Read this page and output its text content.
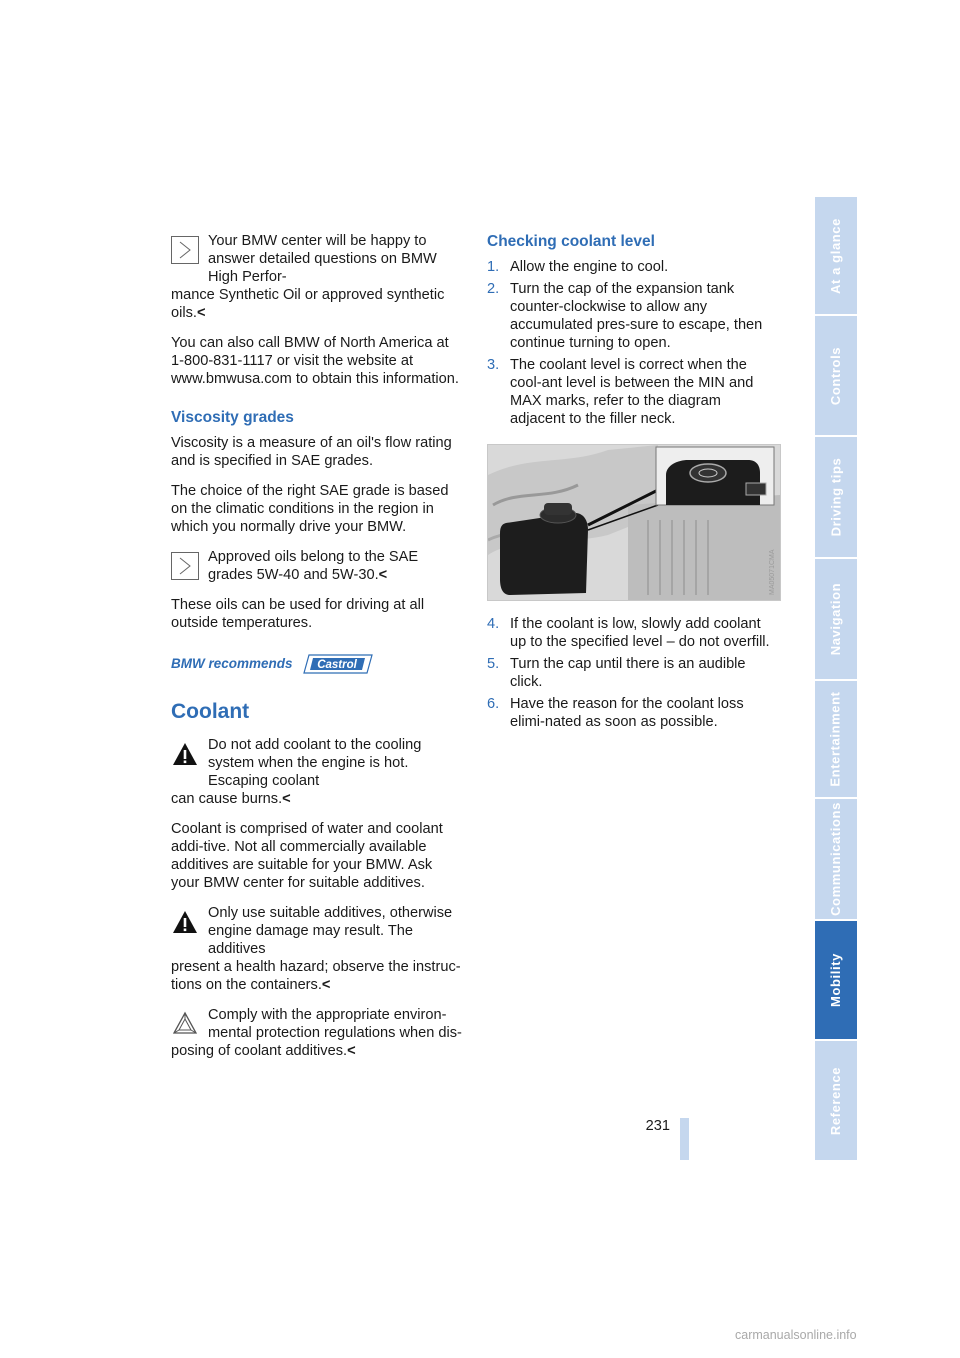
Your BMW center will be happy to answer detailed questions on BMW High Perfor-
mance Synthetic Oil or approved synthetic oils.<

You can also call BMW of North America at 1-800-831-1117 or visit the website at www.bmwusa.com to obtain this information.

Viscosity grades

Viscosity is a measure of an oil's flow rating and is specified in SAE grades.

The choice of the right SAE grade is based on the climatic conditions in the region in which you normally drive your BMW.

Approved oils belong to the SAE grades 5W-40 and 5W-30.<

These oils can be used for driving at all outside temperatures.

BMW recommends Castrol
Coolant
Do not add coolant to the cooling system when the engine is hot. Escaping coolant
can cause burns.<

Coolant is comprised of water and coolant addi-tive. Not all commercially available additives are suitable for your BMW. Ask your BMW center for suitable additives.

Only use suitable additives, otherwise engine damage may result. The additives
present a health hazard; observe the instruc-tions on the containers.<
Comply with the appropriate environ-mental protection regulations when dis-
posing of coolant additives.<
Checking coolant level
1. Allow the engine to cool.
2. Turn the cap of the expansion tank counter-clockwise to allow any accumulated pres-sure to escape, then continue turning to open.
3. The coolant level is correct when the cool-ant level is between the MIN and MAX marks, refer to the diagram adjacent to the filler neck.
MA05071CMA
4. If the coolant is low, slowly add coolant up to the specified level – do not overfill.
5. Turn the cap until there is an audible click.
6. Have the reason for the coolant loss elimi-nated as soon as possible.
At a glance
Controls
Driving tips
Navigation
Entertainment
Communications
Mobility
Reference
231
carmanualsonline.info
